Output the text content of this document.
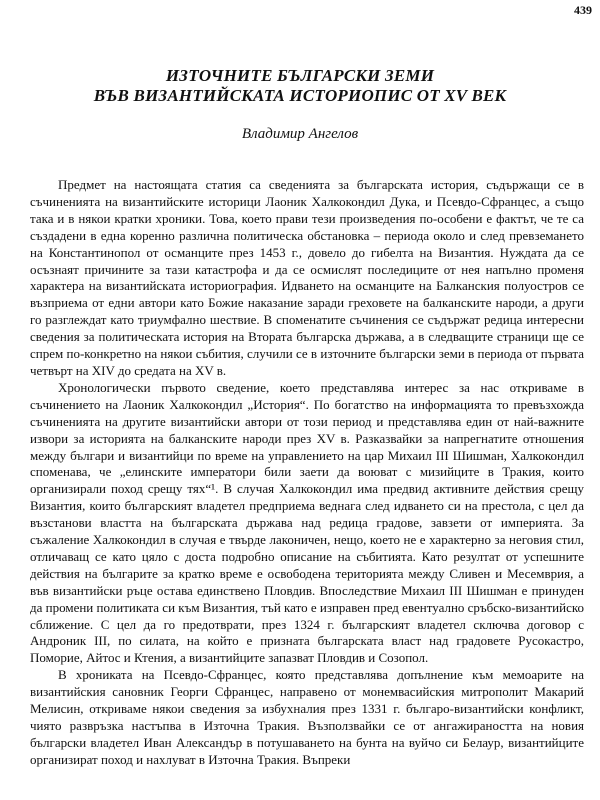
439
ИЗТОЧНИТЕ БЪЛГАРСКИ ЗЕМИ
ВЪВ ВИЗАНТИЙСКАТА ИСТОРИОПИС ОТ XV ВЕК
Владимир Ангелов

Предмет на настоящата статия са сведенията за българската история, съдържащи се в съчиненията на византийските историци Лаоник Халкокондил Дука, и Псевдо-Сфранцес, а също така и в някои кратки хроники. Това, което прави тези произведения по-особени е фактът, че те са създадени в една коренно различна политическа обстановка – периода около и след превземането на Константинопол от османците през 1453 г., довело до гибелта на Византия. Нуждата да се осъзнаят причините за тази катастрофа и да се осмислят последиците от нея напълно променя характера на византийската историография. Идването на османците на Балканския полуостров се възприема от едни автори като Божие наказание заради греховете на балканските народи, а други го разглеждат като триумфално шествие. В споменатите съчинения се съдържат редица интересни сведения за политическата история на Втората българска държава, а в следващите страници ще се спрем по-конкретно на някои събития, случили се в източните български земи в периода от първата четвърт на XIV до средата на XV в.

Хронологически първото сведение, което представлява интерес за нас откриваме в съчинението на Лаоник Халкокондил „История“. По богатство на информацията то превъзхожда съчиненията на другите византийски автори от този период и представлява един от най-важните извори за историята на балканските народи през XV в. Разказвайки за напрегнатите отношения между българи и византийци по време на управлението на цар Михаил III Шишман, Халкокондил споменава, че „елинските императори били заети да воюват с мизийците в Тракия, които организирали поход срещу тях“¹. В случая Халкокондил има предвид активните действия срещу Византия, които българският владетел предприема веднага след идването си на престола, с цел да възстанови властта на българската държава над редица градове, завзети от империята. За съжаление Халкокондил в случая е твърде лаконичен, нещо, което не е характерно за неговия стил, отличаващ се като цяло с доста подробно описание на събитията. Като резултат от успешните действия на българите за кратко време е освободена територията между Сливен и Месемврия, а във византийски ръце остава единствено Пловдив. Впоследствие Михаил III Шишман е принуден да промени политиката си към Византия, тъй като е изправен пред евентуално сръбско-византийско сближение. С цел да го предотврати, през 1324 г. българският владетел сключва договор с Андроник III, по силата, на който е призната българската власт над градовете Русокастро, Поморие, Айтос и Ктения, а византийците запазват Пловдив и Созопол.

В хрониката на Псевдо-Сфранцес, която представлява допълнение към мемоарите на византийския сановник Георги Сфранцес, направено от монемвасийския митрополит Макарий Мелисин, откриваме някои сведения за избухналия през 1331 г. българо-византийски конфликт, чиято развръзка настъпва в Източна Тракия. Възползвайки се от ангажираността на новия български владетел Иван Александър в потушаването на бунта на вуйчо си Белаур, византийците организират поход и нахлуват в Източна Тракия. Въпреки
